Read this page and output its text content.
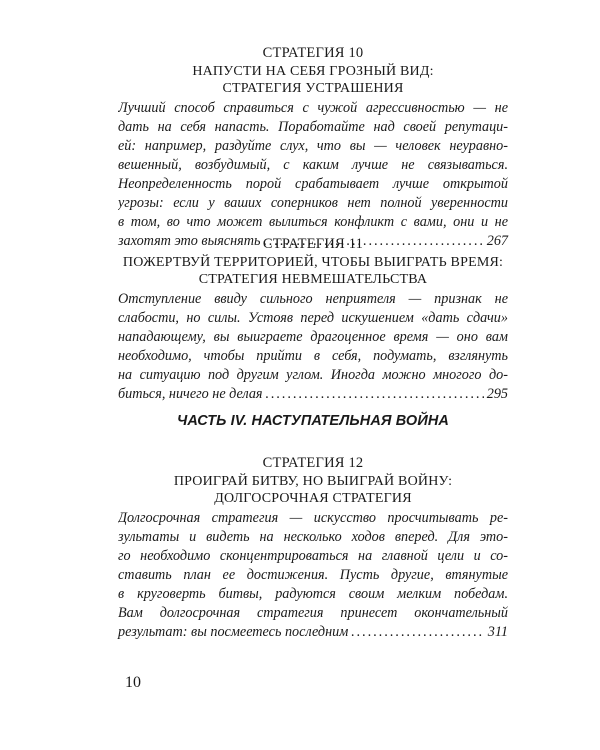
СТРАТЕГИЯ 10
НАПУСТИ НА СЕБЯ ГРОЗНЫЙ ВИД:
СТРАТЕГИЯ УСТРАШЕНИЯ
Лучший способ справиться с чужой агрессивностью — не
дать на себя напасть. Поработайте над своей репутаци-
ей: например, раздуйте слух, что вы — человек неуравно-
вешенный, возбудимый, с каким лучше не связываться.
Неопределенность порой срабатывает лучше открытой
угрозы: если у ваших соперников нет полной уверенности
в том, во что может вылиться конфликт с вами, они и не
захотят это выяснять .....	267
СТРАТЕГИЯ 11
ПОЖЕРТВУЙ ТЕРРИТОРИЕЙ, ЧТОБЫ ВЫИГРАТЬ ВРЕМЯ:
СТРАТЕГИЯ НЕВМЕШАТЕЛЬСТВА
Отступление ввиду сильного неприятеля — признак не
слабости, но силы. Устояв перед искушением «дать сдачи»
нападающему, вы выиграете драгоценное время — оно вам
необходимо, чтобы прийти в себя, подумать, взглянуть
на ситуацию под другим углом. Иногда можно многого до-
биться, ничего не делая .....	295
ЧАСТЬ IV. НАСТУПАТЕЛЬНАЯ ВОЙНА
СТРАТЕГИЯ 12
ПРОИГРАЙ БИТВУ, НО ВЫИГРАЙ ВОЙНУ:
ДОЛГОСРОЧНАЯ СТРАТЕГИЯ
Долгосрочная стратегия — искусство просчитывать ре-
зультаты и видеть на несколько ходов вперед. Для это-
го необходимо сконцентрироваться на главной цели и со-
ставить план ее достижения. Пусть другие, втянутые
в круговерть битвы, радуются своим мелким победам.
Вам долгосрочная стратегия принесет окончательный
результат: вы посмеетесь последним .....	311
10
